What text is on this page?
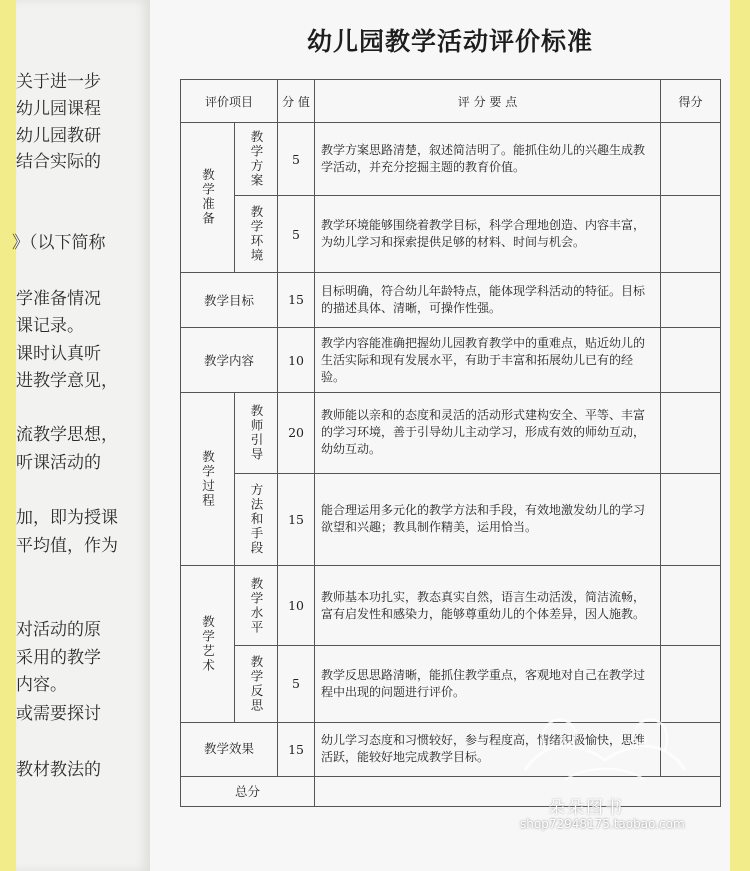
关于进一步
幼儿园课程
幼儿园教研
结合实际的
》（以下简称
学准备情况
课记录。
课时认真听
进教学意见，
流教学思想，
听课活动的
加，即为授课
平均值，作为
对活动的原
采用的教学
内容。
或需要探讨
教材教法的
幼儿园教学活动评价标准
评价项目		分 值	评 分 要 点	得分

教学准备	教学方案	5	教学方案思路清楚，叙述简洁明了。能抓住幼儿的兴趣生成教学活动，并充分挖掘主题的教育价值。	

	教学环境	5	教学环境能够围绕着教学目标，科学合理地创造、内容丰富，为幼儿学习和探索提供足够的材料、时间与机会。	
教学目标		15	目标明确，符合幼儿年龄特点，能体现学科活动的特征。目标的描述具体、清晰，可操作性强。	
教学内容		10	教学内容能准确把握幼儿园教育教学中的重难点，贴近幼儿的生活实际和现有发展水平，有助于丰富和拓展幼儿已有的经验。	

教学过程	教师引导	20	教师能以亲和的态度和灵活的活动形式建构安全、平等、丰富的学习环境，善于引导幼儿主动学习，形成有效的师幼互动，幼幼互动。	

	方法和手段	15	能合理运用多元化的教学方法和手段，有效地激发幼儿的学习欲望和兴趣；教具制作精美，运用恰当。	

教学艺术	教学水平	10	教师基本功扎实，教态真实自然，语言生动活泼，简洁流畅，富有启发性和感染力，能够尊重幼儿的个体差异，因人施教。	

	教学反思	5	教学反思思路清晰，能抓住教学重点，客观地对自己在教学过程中出现的问题进行评价。	

教学效果		15	幼儿学习态度和习惯较好，参与程度高，情绪积极愉快，思维活跃，能较好地完成教学目标。	
总分				
朵朵图书
shop72948175.taobao.com
